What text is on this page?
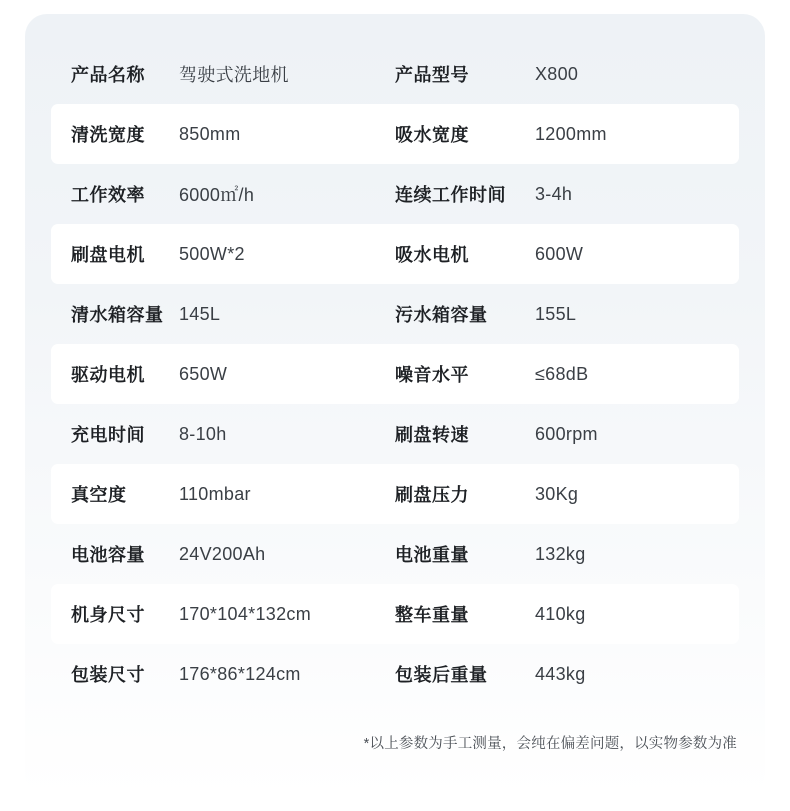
产品名称 驾驶式洗地机	产品型号	X800
清洗宽度 850mm	吸水宽度	1200mm
工作效率 6000㎡/h	连续工作时间 3-4h
刷盘电机 500W*2	吸水电机	600W
清水箱容量 145L	污水箱容量	155L
驱动电机 650W	噪音水平	≤68dB
充电时间 8-10h	刷盘转速	600rpm
真空度	110mbar	刷盘压力	30Kg
电池容量 24V200Ah	电池重量	132kg
机身尺寸 170*104*132cm	整车重量	410kg
包装尺寸 176*86*124cm	包装后重量	443kg
*以上参数为手工测量，会纯在偏差问题，以实物参数为准
